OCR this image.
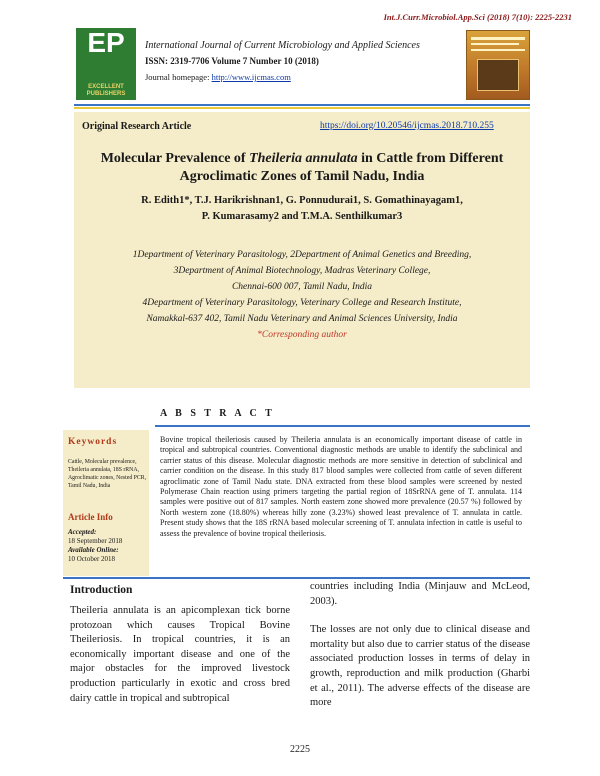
Int.J.Curr.Microbiol.App.Sci (2018) 7(10): 2225-2231
EP
EXCELLENT PUBLISHERS
International Journal of Current Microbiology and Applied Sciences
ISSN: 2319-7706 Volume 7 Number 10 (2018)
Journal homepage: http://www.ijcmas.com
Original Research Article	https://doi.org/10.20546/ijcmas.2018.710.255
Molecular Prevalence of Theileria annulata in Cattle from Different Agroclimatic Zones of Tamil Nadu, India
R. Edith1*, T.J. Harikrishnan1, G. Ponnudurai1, S. Gomathinayagam1,
P. Kumarasamy2 and T.M.A. Senthilkumar3
1Department of Veterinary Parasitology, 2Department of Animal Genetics and Breeding,
3Department of Animal Biotechnology, Madras Veterinary College,
Chennai-600 007, Tamil Nadu, India
4Department of Veterinary Parasitology, Veterinary College and Research Institute,
Namakkal-637 402, Tamil Nadu Veterinary and Animal Sciences University, India
*Corresponding author
A B S T R A C T
Keywords
Cattle, Molecular prevalence, Theileria annulata, 18S rRNA, Agroclimatic zones, Nested PCR, Tamil Nadu, India
Article Info
Accepted:
18 September 2018
Available Online:
10 October 2018
Bovine tropical theileriosis caused by Theileria annulata is an economically important disease of cattle in tropical and subtropical countries. Conventional diagnostic methods are unable to identify the subclinical and carrier status of this disease. Molecular diagnostic methods are more sensitive in detection of subclinical and carrier condition on the disease. In this study 817 blood samples were collected from cattle of seven different agroclimatic zone of Tamil Nadu state. DNA extracted from these blood samples were screened by nested Polymerase Chain reaction using primers targeting the partial region of 18SrRNA gene of T. annulata. 114 samples were positive out of 817 samples. North eastern zone showed more prevalence (20.57 %) followed by North western zone (18.80%) whereas hilly zone (3.23%) showed least prevalence of T. annulata in cattle. Present study shows that the 18S rRNA based molecular screening of T. annulata infection in cattle is useful to assess the prevalence of bovine tropical theileriosis.
Introduction
Theileria annulata is an apicomplexan tick borne protozoan which causes Tropical Bovine Theileriosis. In tropical countries, it is an economically important disease and one of the major obstacles for the improved livestock production particularly in exotic and cross bred dairy cattle in tropical and subtropical

countries including India (Minjauw and McLeod, 2003).

The losses are not only due to clinical disease and mortality but also due to carrier status of the disease associated production losses in terms of delay in growth, reproduction and milk production (Gharbi et al., 2011). The adverse effects of the disease are more

2225
